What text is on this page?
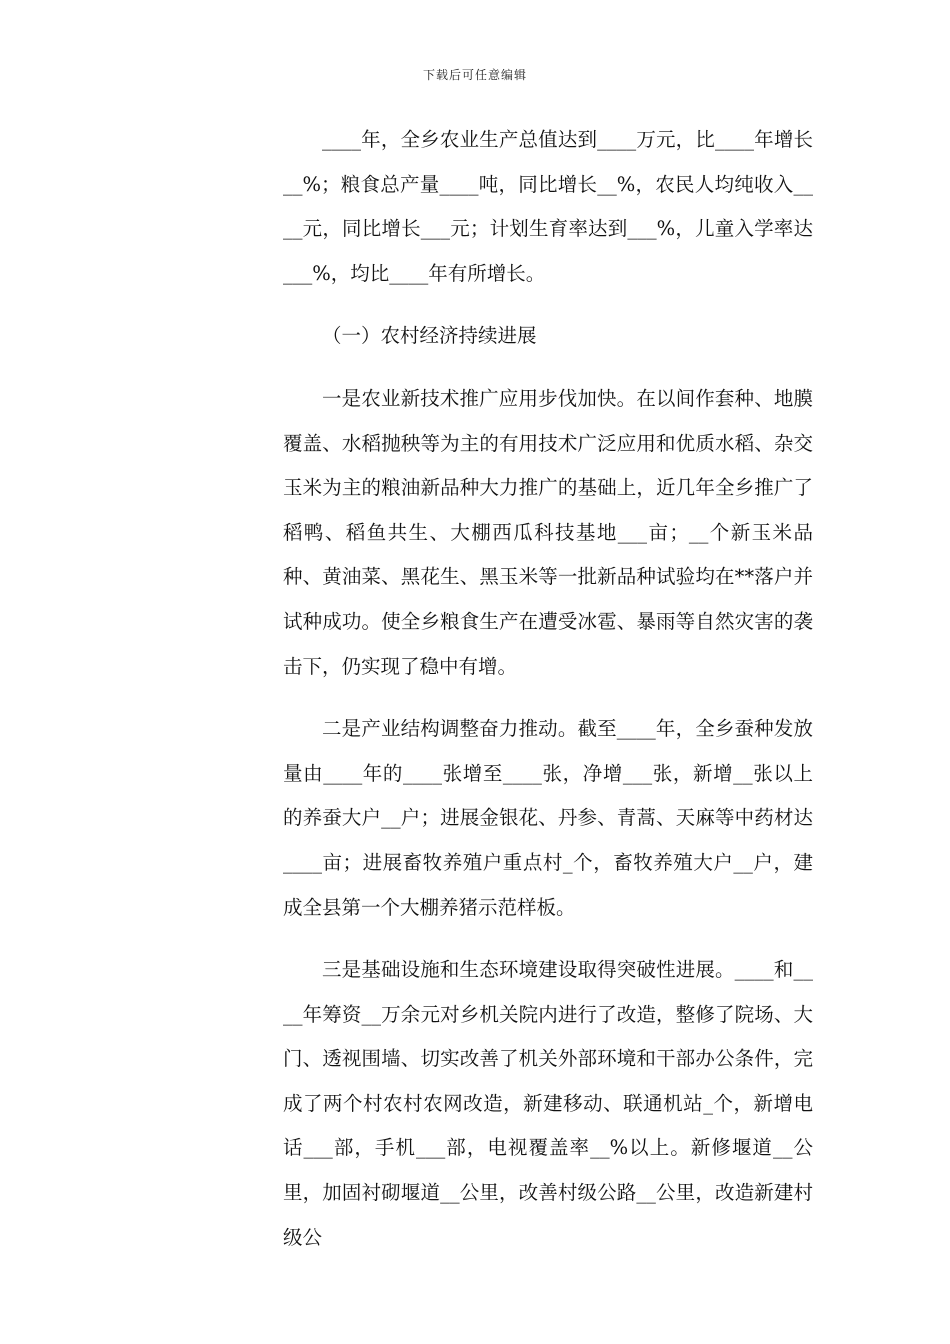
下载后可任意编辑

____年，全乡农业生产总值达到____万元，比____年增长__%；粮食总产量____吨，同比增长__%，农民人均纯收入____元，同比增长___元；计划生育率达到___%，儿童入学率达___%，均比____年有所增长。

（一）农村经济持续进展

一是农业新技术推广应用步伐加快。在以间作套种、地膜覆盖、水稻抛秧等为主的有用技术广泛应用和优质水稻、杂交玉米为主的粮油新品种大力推广的基础上，近几年全乡推广了稻鸭、稻鱼共生、大棚西瓜科技基地___亩；__个新玉米品种、黄油菜、黑花生、黑玉米等一批新品种试验均在**落户并试种成功。使全乡粮食生产在遭受冰雹、暴雨等自然灾害的袭击下，仍实现了稳中有增。

二是产业结构调整奋力推动。截至____年，全乡蚕种发放量由____年的____张增至____张，净增___张，新增__张以上的养蚕大户__户；进展金银花、丹参、青蒿、天麻等中药材达____亩；进展畜牧养殖户重点村_个，畜牧养殖大户__户，建成全县第一个大棚养猪示范样板。

三是基础设施和生态环境建设取得突破性进展。____和____年筹资__万余元对乡机关院内进行了改造，整修了院场、大门、透视围墙、切实改善了机关外部环境和干部办公条件，完成了两个村农村农网改造，新建移动、联通机站_个，新增电话___部，手机___部，电视覆盖率__%以上。新修堰道__公里，加固衬砌堰道__公里，改善村级公路__公里，改造新建村级公
